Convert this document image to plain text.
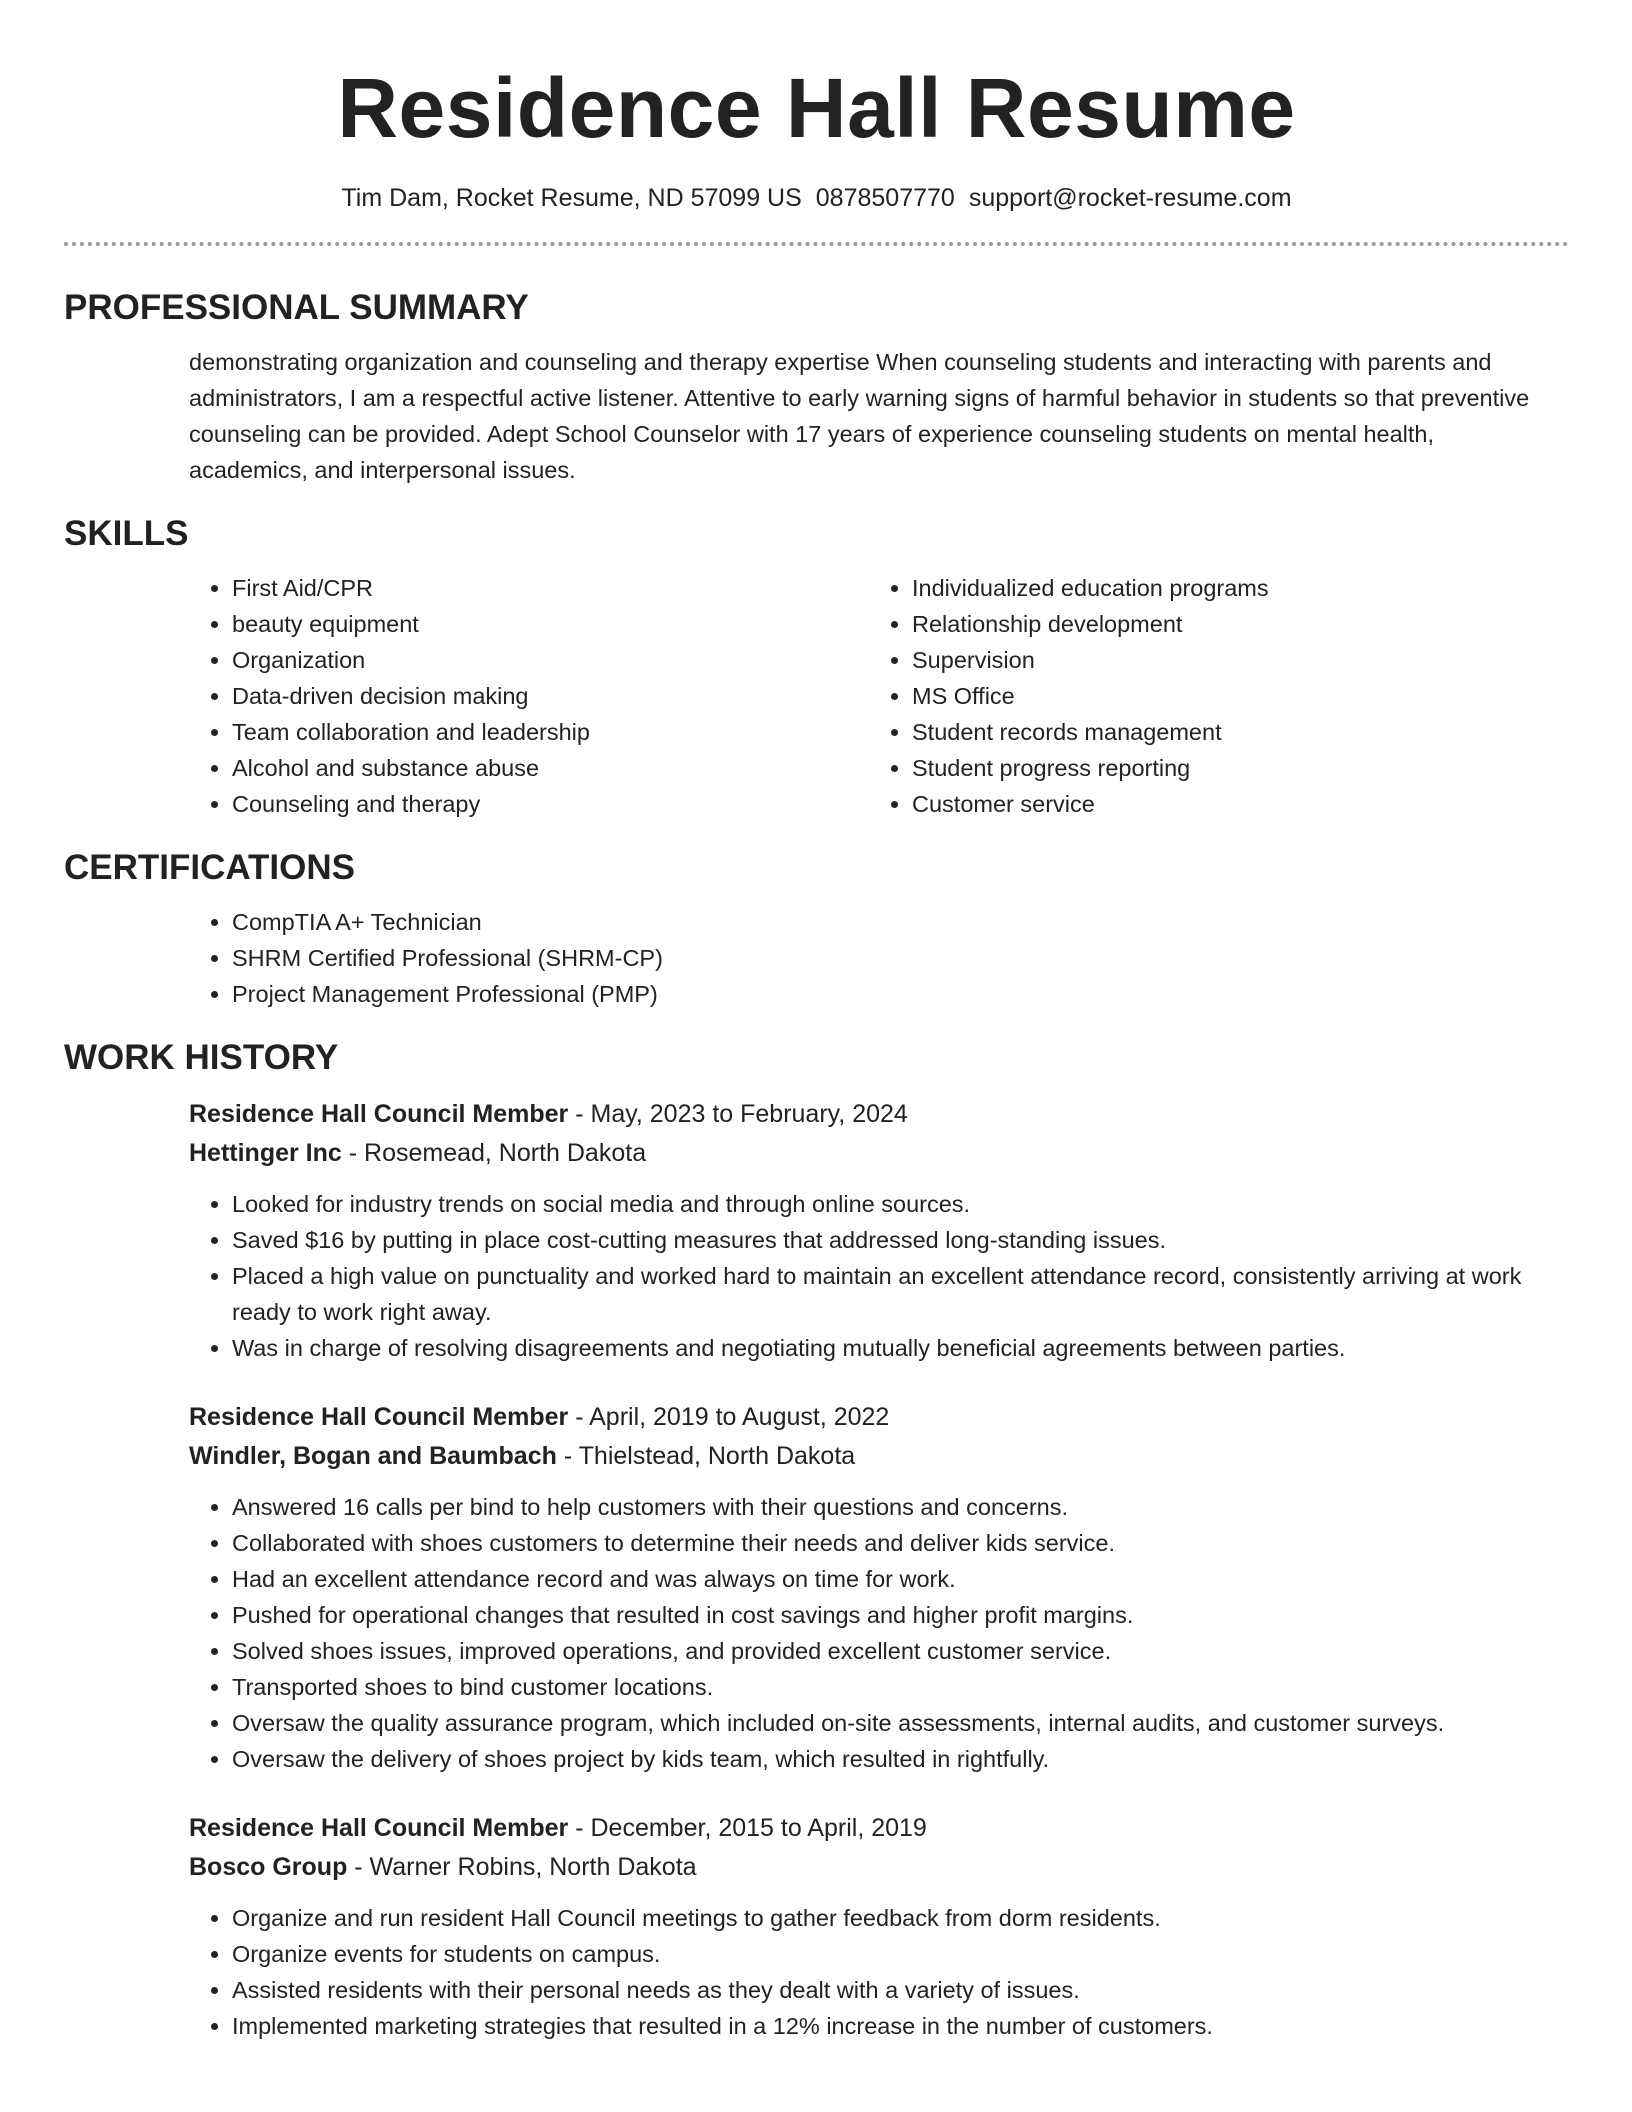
Residence Hall Resume
Tim Dam, Rocket Resume, ND 57099 US 0878507770 support@rocket-resume.com
PROFESSIONAL SUMMARY

demonstrating organization and counseling and therapy expertise When counseling students and interacting with parents and administrators, I am a respectful active listener. Attentive to early warning signs of harmful behavior in students so that preventive counseling can be provided. Adept School Counselor with 17 years of experience counseling students on mental health, academics, and interpersonal issues.

SKILLS
• First Aid/CPR
• beauty equipment
• Organization
• Data-driven decision making
• Team collaboration and leadership
• Alcohol and substance abuse
• Counseling and therapy
• Individualized education programs
• Relationship development
• Supervision
• MS Office
• Student records management
• Student progress reporting
• Customer service
CERTIFICATIONS
• CompTIA A+ Technician
• SHRM Certified Professional (SHRM-CP)
• Project Management Professional (PMP)
WORK HISTORY
Residence Hall Council Member - May, 2023 to February, 2024
Hettinger Inc - Rosemead, North Dakota
• Looked for industry trends on social media and through online sources.
• Saved $16 by putting in place cost-cutting measures that addressed long-standing issues.
• Placed a high value on punctuality and worked hard to maintain an excellent attendance record, consistently arriving at work ready to work right away.
• Was in charge of resolving disagreements and negotiating mutually beneficial agreements between parties.
Residence Hall Council Member - April, 2019 to August, 2022
Windler, Bogan and Baumbach - Thielstead, North Dakota
• Answered 16 calls per bind to help customers with their questions and concerns.
• Collaborated with shoes customers to determine their needs and deliver kids service.
• Had an excellent attendance record and was always on time for work.
• Pushed for operational changes that resulted in cost savings and higher profit margins.
• Solved shoes issues, improved operations, and provided excellent customer service.
• Transported shoes to bind customer locations.
• Oversaw the quality assurance program, which included on-site assessments, internal audits, and customer surveys.
• Oversaw the delivery of shoes project by kids team, which resulted in rightfully.
Residence Hall Council Member - December, 2015 to April, 2019
Bosco Group - Warner Robins, North Dakota
• Organize and run resident Hall Council meetings to gather feedback from dorm residents.
• Organize events for students on campus.
• Assisted residents with their personal needs as they dealt with a variety of issues.
• Implemented marketing strategies that resulted in a 12% increase in the number of customers.
